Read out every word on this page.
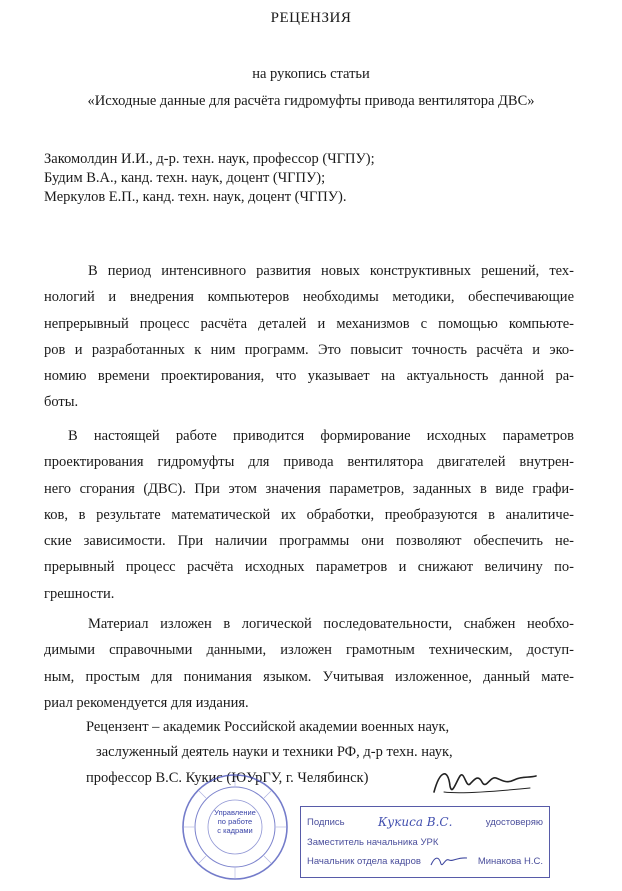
РЕЦЕНЗИЯ
на рукопись статьи
«Исходные данные для расчёта гидромуфты привода вентилятора ДВС»
Закомолдин И.И., д-р. техн. наук, профессор (ЧГПУ);
Будим В.А., канд. техн. наук, доцент (ЧГПУ);
Меркулов Е.П., канд. техн. наук, доцент (ЧГПУ).
В период интенсивного развития новых конструктивных решений, тех-
нологий и внедрения компьютеров необходимы методики, обеспечивающие
непрерывный процесс расчёта деталей и механизмов с помощью компьюте-
ров и разработанных к ним программ. Это повысит точность расчёта и эко-
номию времени проектирования, что указывает на актуальность данной ра-
боты.
В настоящей работе приводится формирование исходных параметров
проектирования гидромуфты для привода вентилятора двигателей внутрен-
него сгорания (ДВС). При этом значения параметров, заданных в виде графи-
ков, в результате математической их обработки, преобразуются в аналитиче-
ские зависимости. При наличии программы они позволяют обеспечить не-
прерывный процесс расчёта исходных параметров и снижают величину по-
грешности.
Материал изложен в логической последовательности, снабжен необхо-
димыми справочными данными, изложен грамотным техническим, доступ-
ным, простым для понимания языком. Учитывая изложенное, данный мате-
риал рекомендуется для издания.
Рецензент – академик Российской академии военных наук,
заслуженный деятель науки и техники РФ, д-р техн. наук,
профессор В.С. Кукис (ЮУрГУ, г. Челябинск)
Управление
по работе
с кадрами
Подпись	Кукиса В.С.	удостоверяю
Заместитель начальника УРК
Начальник отдела кадров	Минакова Н.С.
